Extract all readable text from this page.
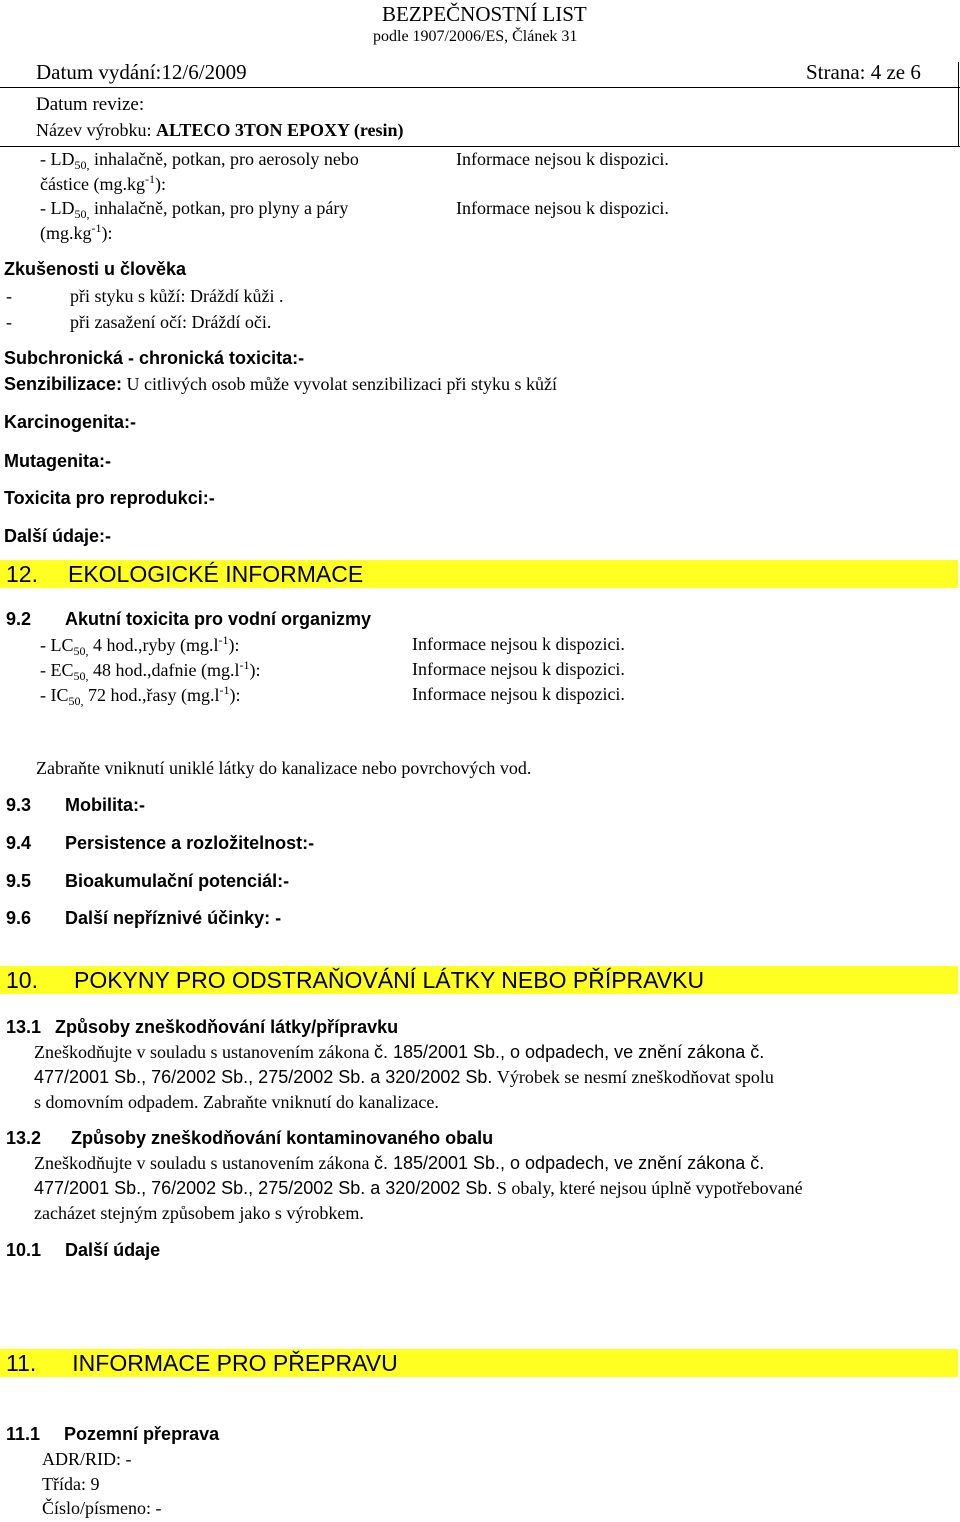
BEZPEČNOSTNÍ LIST
podle 1907/2006/ES, Článek 31
Datum vydání:12/6/2009	Strana: 4 ze 6
Datum revize:
Název výrobku: ALTECO 3TON EPOXY (resin)
- $LD_{50,}$ inhalačně, potkan, pro aerosoly nebo	Informace nejsou k dispozici.
částice $(mg.kg^{-1})$:
- $LD_{50,}$ inhalačně, potkan, pro plyny a páry	Informace nejsou k dispozici.
$(mg.kg^{-1})$:
Zkušenosti u člověka
-	při styku s kůží: Dráždí kůži .
-	při zasažení očí: Dráždí oči.
Subchronická - chronická toxicita:-
Senzibilizace: U citlivých osob může vyvolat senzibilizaci při styku s kůží
Karcinogenita:-
Mutagenita:-
Toxicita pro reprodukci:-
Další údaje:-
12. EKOLOGICKÉ INFORMACE
9.2 Akutní toxicita pro vodní organizmy
- $LC_{50,}$ 4 hod.,ryby $(mg.l^{-1})$:	Informace nejsou k dispozici.
- $EC_{50,}$ 48 hod.,dafnie $(mg.l^{-1})$:	Informace nejsou k dispozici.
- $IC_{50,}$ 72 hod.,řasy $(mg.l^{-1})$:	Informace nejsou k dispozici.
Zabraňte vniknutí uniklé látky do kanalizace nebo povrchových vod.
9.3 Mobilita:-
9.4 Persistence a rozložitelnost:-
9.5 Bioakumulační potenciál:-
9.6 Další nepříznivé účinky: -
10. POKYNY PRO ODSTRAŇOVÁNÍ LÁTKY NEBO PŘÍPRAVKU
13.1 Způsoby zneškodňování látky/přípravku
Zneškodňujte v souladu s ustanovením zákona č. 185/2001 Sb., o odpadech, ve znění zákona č.
477/2001 Sb., 76/2002 Sb., 275/2002 Sb. a 320/2002 Sb. Výrobek se nesmí zneškodňovat spolu
s domovním odpadem. Zabraňte vniknutí do kanalizace.
13.2 Způsoby zneškodňování kontaminovaného obalu
Zneškodňujte v souladu s ustanovením zákona č. 185/2001 Sb., o odpadech, ve znění zákona č.
477/2001 Sb., 76/2002 Sb., 275/2002 Sb. a 320/2002 Sb. S obaly, které nejsou úplně vypotřebované
zacházet stejným způsobem jako s výrobkem.
10.1 Další údaje
11. INFORMACE PRO PŘEPRAVU
11.1 Pozemní přeprava
ADR/RID: -
Třída: 9
Číslo/písmeno: -
